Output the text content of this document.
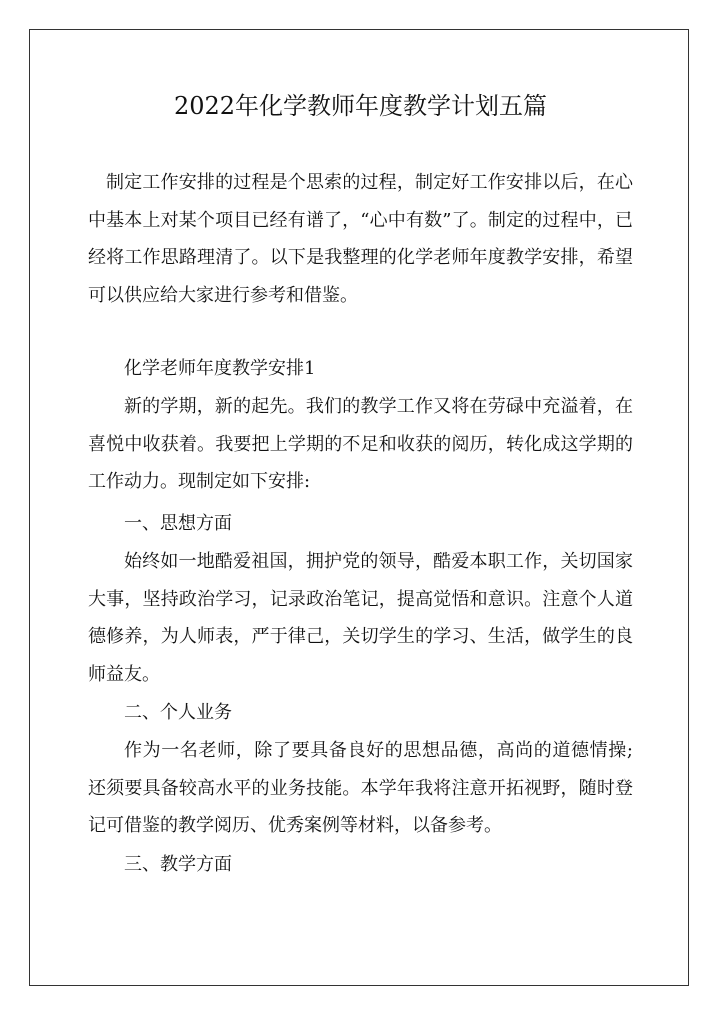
2022年化学教师年度教学计划五篇

制定工作安排的过程是个思索的过程，制定好工作安排以后，在心中基本上对某个项目已经有谱了，“心中有数”了。制定的过程中，已经将工作思路理清了。以下是我整理的化学老师年度教学安排，希望可以供应给大家进行参考和借鉴。

化学老师年度教学安排1

新的学期，新的起先。我们的教学工作又将在劳碌中充溢着，在喜悦中收获着。我要把上学期的不足和收获的阅历，转化成这学期的工作动力。现制定如下安排:

一、思想方面

始终如一地酷爱祖国，拥护党的领导，酷爱本职工作，关切国家大事，坚持政治学习，记录政治笔记，提高觉悟和意识。注意个人道德修养，为人师表，严于律己，关切学生的学习、生活，做学生的良师益友。

二、个人业务

作为一名老师，除了要具备良好的思想品德，高尚的道德情操;还须要具备较高水平的业务技能。本学年我将注意开拓视野，随时登记可借鉴的教学阅历、优秀案例等材料，以备参考。

三、教学方面
